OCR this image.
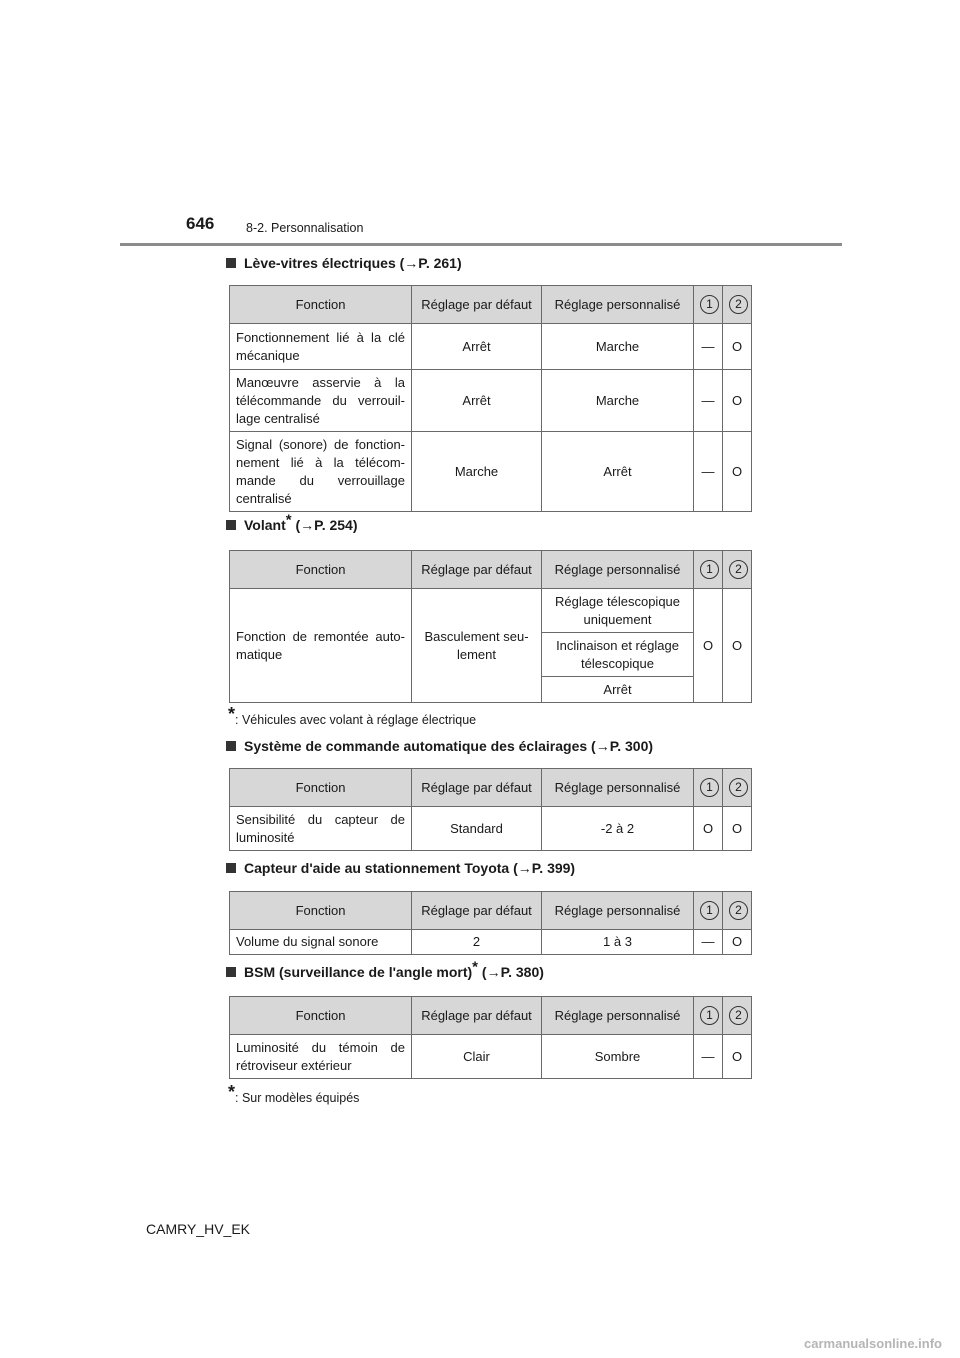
646	8-2. Personnalisation
Lève-vitres électriques (→P. 261)
Fonction	Réglage par défaut	Réglage personnalisé	1	2
Fonctionnement lié à la clé mécanique	Arrêt	Marche	—	O
Manœuvre asservie à la télécommande du verrouil-lage centralisé	Arrêt	Marche	—	O
Signal (sonore) de fonction-nement lié à la télécom-mande du verrouillage centralisé	Marche	Arrêt	—	O
Volant* (→P. 254)
Fonction	Réglage par défaut	Réglage personnalisé	1	2
Fonction de remontée auto-matique	Basculement seu-lement	Réglage télescopique uniquement	O	O
		Inclinaison et réglage télescopique		
		Arrêt		
*: Véhicules avec volant à réglage électrique
Système de commande automatique des éclairages (→P. 300)
Fonction	Réglage par défaut	Réglage personnalisé	1	2
Sensibilité du capteur de luminosité	Standard	-2 à 2	O	O
Capteur d'aide au stationnement Toyota (→P. 399)
Fonction	Réglage par défaut	Réglage personnalisé	1	2
Volume du signal sonore	2	1 à 3	—	O
BSM (surveillance de l'angle mort)* (→P. 380)
Fonction	Réglage par défaut	Réglage personnalisé	1	2
Luminosité du témoin de rétroviseur extérieur	Clair	Sombre	—	O
*: Sur modèles équipés
CAMRY_HV_EK
carmanualsonline.info
